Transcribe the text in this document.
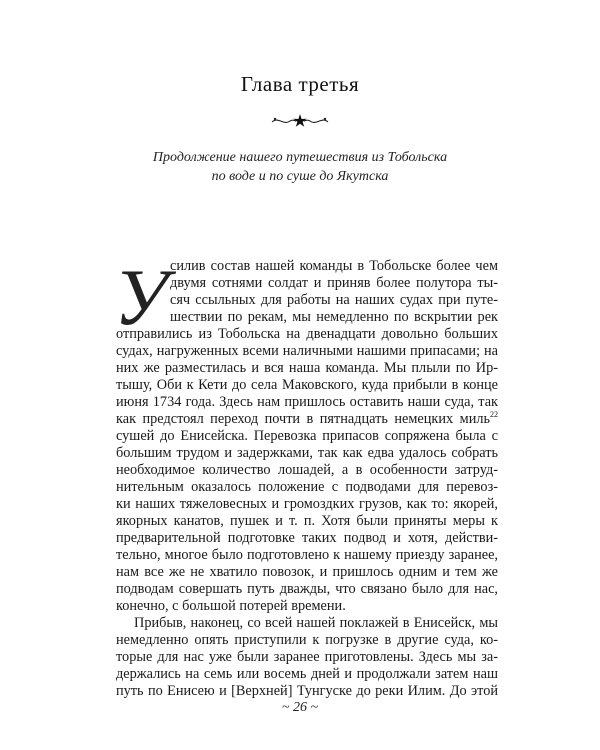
Глава третья
Продолжение нашего путешествия из Тобольска
по воде и по суше до Якутска
У силив состав нашей команды в Тобольске более чем
двумя сотнями солдат и приняв более полутора ты-
сяч ссыльных для работы на наших судах при путе-
шествии по рекам, мы немедленно по вскрытии рек
отправились из Тобольска на двенадцати довольно больших
судах, нагруженных всеми наличными нашими припасами; на
них же разместилась и вся наша команда. Мы плыли по Ир-
тышу, Оби к Кети до села Маковского, куда прибыли в конце
июня 1734 года. Здесь нам пришлось оставить наши суда, так
как предстоял переход почти в пятнадцать немецких миль$^{22}$
сушей до Енисейска. Перевозка припасов сопряжена была с
большим трудом и задержками, так как едва удалось собрать
необходимое количество лошадей, а в особенности затруд-
нительным оказалось положение с подводами для перевоз-
ки наших тяжеловесных и громоздких грузов, как то: якорей,
якорных канатов, пушек и т. п. Хотя были приняты меры к
предварительной подготовке таких подвод и хотя, действи-
тельно, многое было подготовлено к нашему приезду заранее,
нам все же не хватило повозок, и пришлось одним и тем же
подводам совершать путь дважды, что связано было для нас,
конечно, с большой потерей времени.
Прибыв, наконец, со всей нашей поклажей в Енисейск, мы
немедленно опять приступили к погрузке в другие суда, ко-
торые для нас уже были заранее приготовлены. Здесь мы за-
держались на семь или восемь дней и продолжали затем наш
путь по Енисею и [Верхней] Тунгуске до реки Илим. До этой
~ 26 ~
